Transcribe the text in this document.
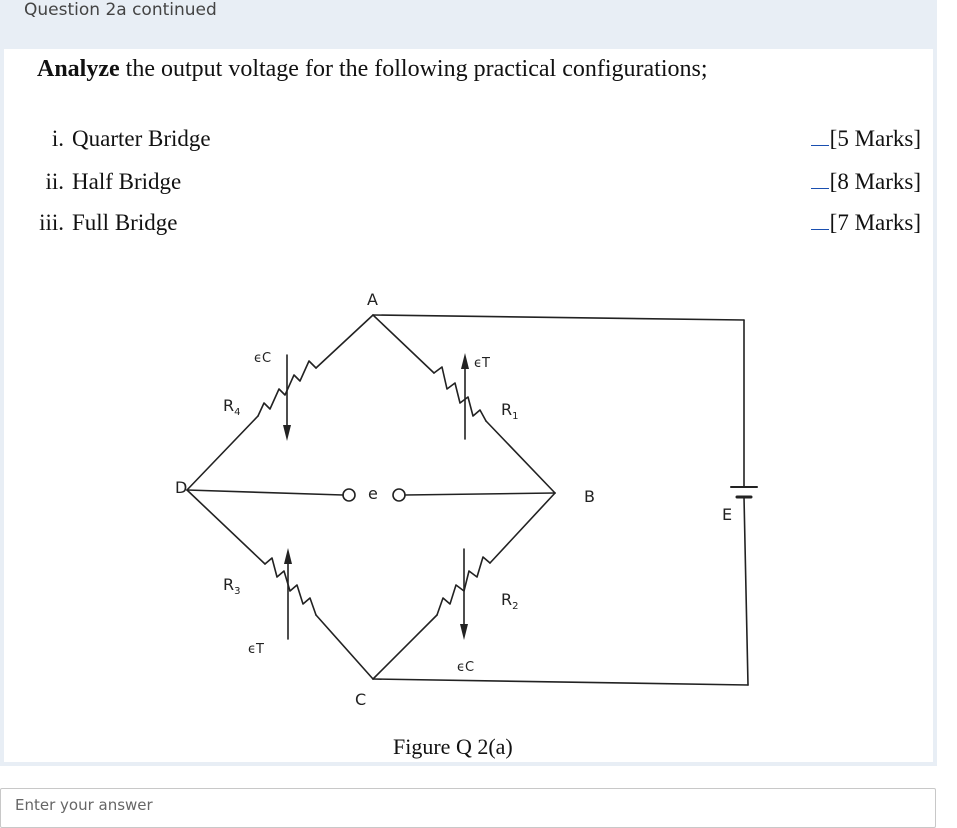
Question 2a continued
Analyze the output voltage for the following practical configurations;
i. Quarter Bridge	[5 Marks]
ii. Half Bridge	[8 Marks]
iii. Full Bridge	[7 Marks]
A
D	B
C
E
e
$R_4$	$R_1$
$R_3$	$R_2$
ϵC	ϵT
ϵT
ϵC
Figure Q 2(a)
Enter your answer
